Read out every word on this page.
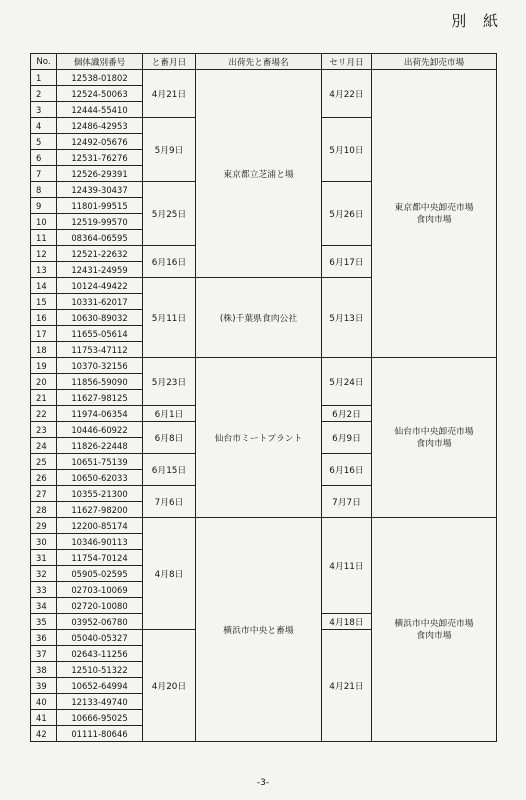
別 紙
No.	個体識別番号	と畜月日	出荷先と畜場名	セリ月日	出荷先卸売市場
1	12538-01802	4月21日	東京都立芝浦と場	4月22日	東京都中央卸売市場
食肉市場
2	12524-50063				
3	12444-55410				
4	12486-42953	5月9日		5月10日	
5	12492-05676				
6	12531-76276				
7	12526-29391				
8	12439-30437	5月25日		5月26日	
9	11801-99515				
10	12519-99570				
11	08364-06595				
12	12521-22632	6月16日		6月17日	
13	12431-24959				
14	10124-49422	5月11日	(株)千葉県食肉公社	5月13日	
15	10331-62017				
16	10630-89032				
17	11655-05614				
18	11753-47112				
19	10370-32156	5月23日	仙台市ミートプラント	5月24日	仙台市中央卸売市場
食肉市場
20	11856-59090				
21	11627-98125				
22	11974-06354	6月1日		6月2日	
23	10446-60922	6月8日		6月9日	
24	11826-22448				
25	10651-75139	6月15日		6月16日	
26	10650-62033				
27	10355-21300	7月6日		7月7日	
28	11627-98200				
29	12200-85174	4月8日	横浜市中央と畜場	4月11日	横浜市中央卸売市場
食肉市場
30	10346-90113				
31	11754-70124				
32	05905-02595				
33	02703-10069				
34	02720-10080				
35	03952-06780			4月18日	
36	05040-05327	4月20日		4月21日	
37	02643-11256				
38	12510-51322				
39	10652-64994				
40	12133-49740				
41	10666-95025				
42	01111-80646				
-3-
